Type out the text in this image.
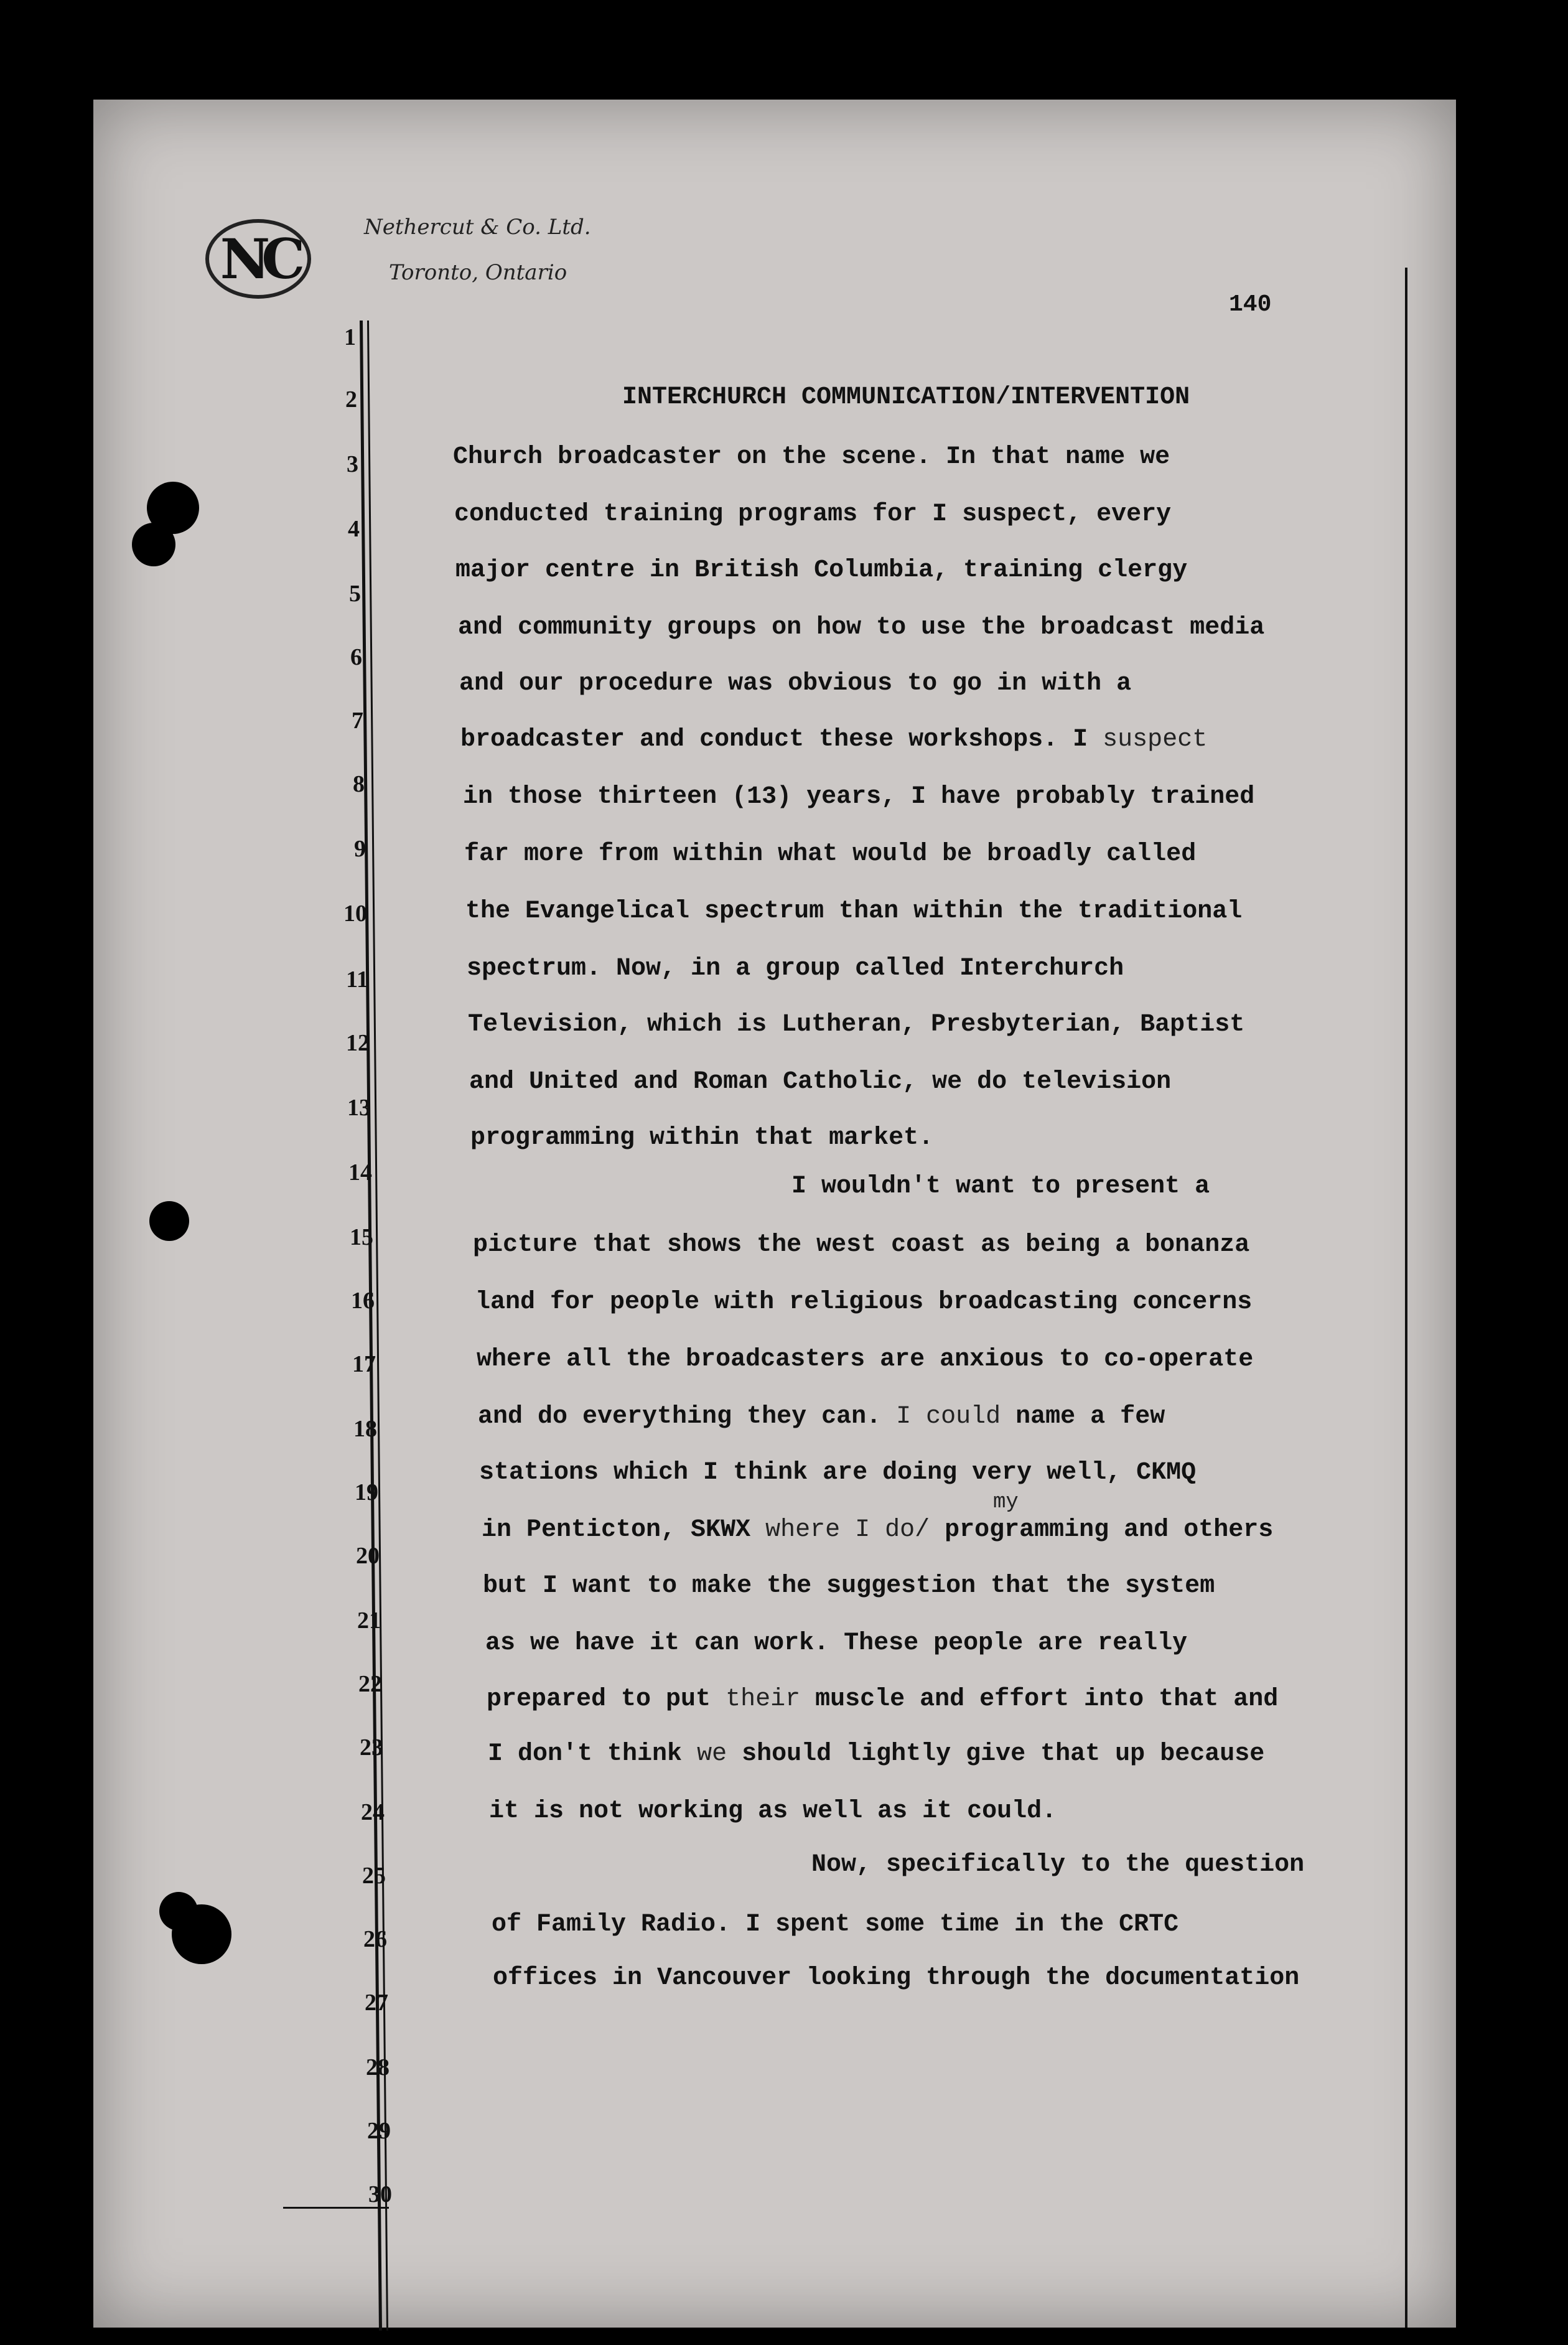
NC	Nethercut & Co. Ltd.
Toronto, Ontario
140
1
2
3
4
5
6
7
8
9
10
11
12
13
14
15
16
17
18
19
20
21
22
23
24
25
26
27
28
29
30
INTERCHURCH COMMUNICATION/INTERVENTION
Church broadcaster on the scene. In that name we
conducted training programs for I suspect, every
major centre in British Columbia, training clergy
and community groups on how to use the broadcast media
and our procedure was obvious to go in with a
broadcaster and conduct these workshops. I suspect
in those thirteen (13) years, I have probably trained
far more from within what would be broadly called
the Evangelical spectrum than within the traditional
spectrum. Now, in a group called Interchurch
Television, which is Lutheran, Presbyterian, Baptist
and United and Roman Catholic, we do television
programming within that market.
I wouldn't want to present a
picture that shows the west coast as being a bonanza
land for people with religious broadcasting concerns
where all the broadcasters are anxious to co-operate
and do everything they can. I could name a few
stations which I think are doing very well, CKMQ
my
in Penticton, SKWX where I do/ programming and others
but I want to make the suggestion that the system
as we have it can work. These people are really
prepared to put their muscle and effort into that and
I don't think we should lightly give that up because
it is not working as well as it could.
Now, specifically to the question
of Family Radio. I spent some time in the CRTC
offices in Vancouver looking through the documentation
